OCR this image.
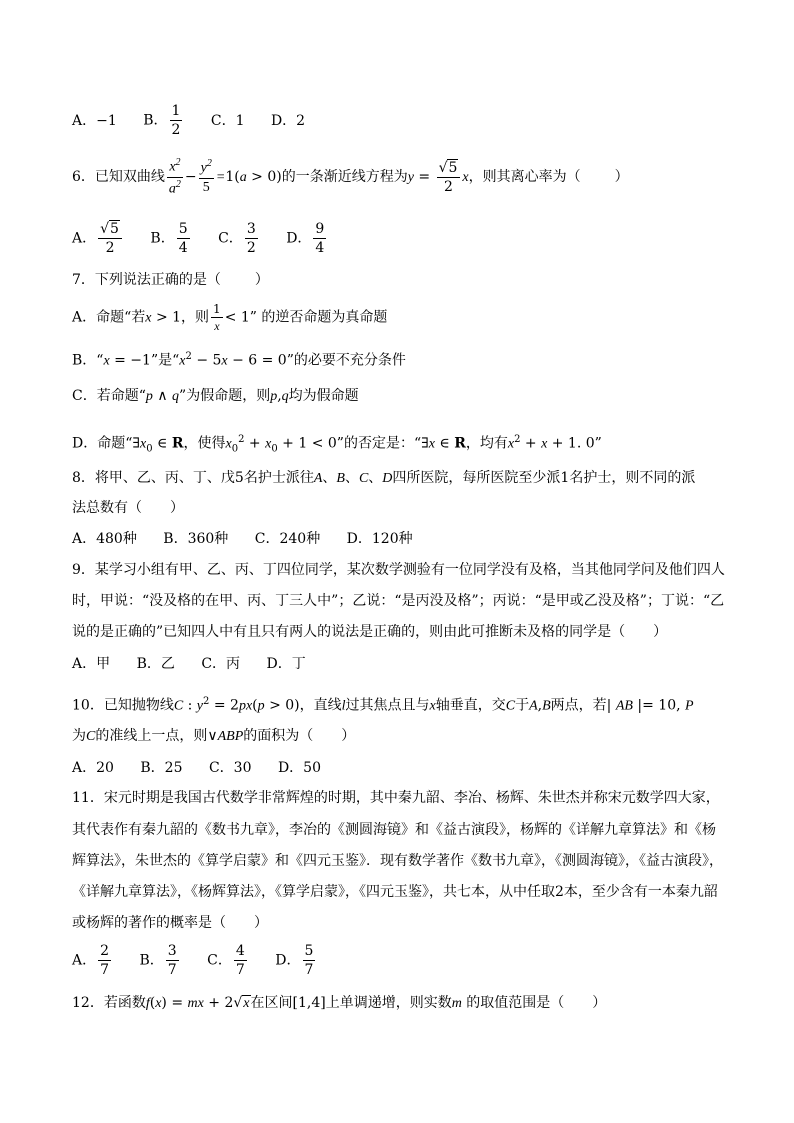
A．−1 B． $\frac{1}{2}$ C．1 D．2
6．已知双曲线 $\frac{x^2}{a^2} - \frac{y^2}{5} =1(a > 0)$的一条渐近线方程为$y = \frac{√5}{2}$ x，则其离心率为（ ）
A． $\frac{√5}{2}$ B． $\frac{5}{4}$ C． $\frac{3}{2}$ D． $\frac{9}{4}$
7．下列说法正确的是（ ）
A．命题“若x > 1，则 $\frac{1}{x} < 1$” 的逆否命题为真命题
B．“x = −1”是“$x^2 - 5x - 6 = 0$”的必要不充分条件
C．若命题“p ∧ q”为假命题，则p,q均为假命题
D．命题“$\exists x_0$ ∈ R，使得$x_0^2 + x_0 + 1 < 0$”的否定是：“∃x ∈ R，均有$x^2 + x + 1$. 0”
8．将甲、乙、丙、丁、戊5名护士派往A、B、C、D四所医院，每所医院至少派1名护士，则不同的派
法总数有（　　）
A．480种 B．360种 C．240种 D．120种
9．某学习小组有甲、乙、丙、丁四位同学，某次数学测验有一位同学没有及格，当其他同学问及他们四人
时，甲说：“没及格的在甲、丙、丁三人中”；乙说：“是丙没及格”；丙说：“是甲或乙没及格”；丁说：“乙
说的是正确的”已知四人中有且只有两人的说法是正确的，则由此可推断未及格的同学是（　　）
A．甲 B．乙 C．丙 D．丁
10．已知抛物线C : $y^2 = 2px(p > 0)$，直线l过其焦点且与x轴垂直，交C于A,B两点，若| AB |= 10, P
为C的准线上一点，则∨ABP的面积为（　　）
A．20 B．25 C．30 D．50
11．宋元时期是我国古代数学非常辉煌的时期，其中秦九韶、李冶、杨辉、朱世杰并称宋元数学四大家，
其代表作有秦九韶的《数书九章》，李冶的《测圆海镜》和《益古演段》，杨辉的《详解九章算法》和《杨
辉算法》，朱世杰的《算学启蒙》和《四元玉鉴》．现有数学著作《数书九章》，《测圆海镜》，《益古演段》，
《详解九章算法》，《杨辉算法》，《算学启蒙》，《四元玉鉴》，共七本，从中任取2本，至少含有一本秦九韶
或杨辉的著作的概率是（　　）
A． $\frac{2}{7}$ B． $\frac{3}{7}$ C． $\frac{4}{7}$ D． $\frac{5}{7}$
12．若函数f(x) = mx + 2√x在区间[1,4]上单调递增，则实数m 的取值范围是（　　）
